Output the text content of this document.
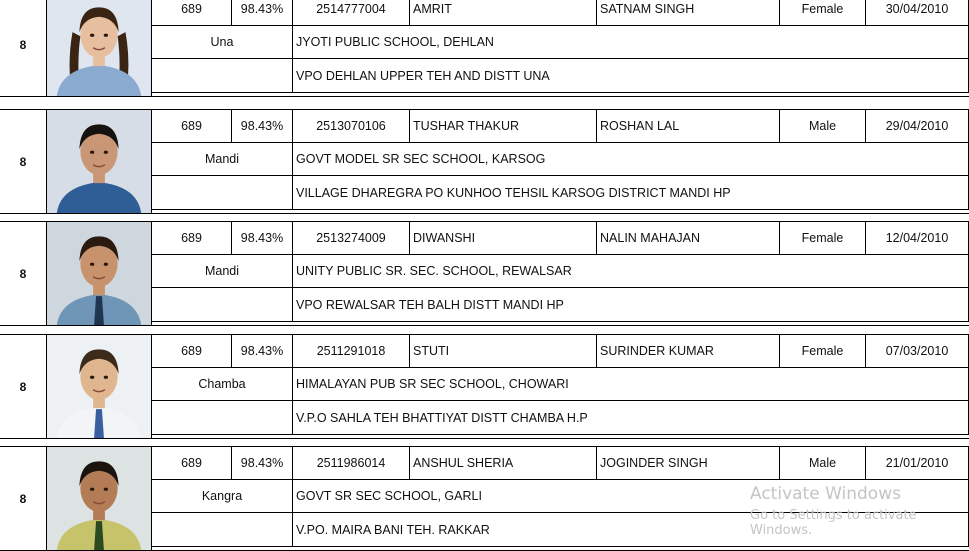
8
689	98.43%	2514777004	AMRIT	SATNAM SINGH	Female	30/04/2010
Una	JYOTI PUBLIC SCHOOL, DEHLAN
VPO DEHLAN UPPER TEH AND DISTT UNA
8
689	98.43%	2513070106	TUSHAR THAKUR	ROSHAN LAL	Male	29/04/2010
Mandi	GOVT MODEL SR SEC SCHOOL, KARSOG
VILLAGE DHAREGRA PO KUNHOO TEHSIL KARSOG DISTRICT MANDI HP
8
689	98.43%	2513274009	DIWANSHI	NALIN MAHAJAN	Female	12/04/2010
Mandi	UNITY PUBLIC SR. SEC. SCHOOL, REWALSAR
VPO REWALSAR TEH BALH DISTT MANDI HP
8
689	98.43%	2511291018	STUTI	SURINDER KUMAR	Female	07/03/2010
Chamba	HIMALAYAN PUB SR SEC SCHOOL, CHOWARI
V.P.O SAHLA TEH BHATTIYAT DISTT CHAMBA H.P
8
689	98.43%	2511986014	ANSHUL SHERIA	JOGINDER SINGH	Male	21/01/2010
Kangra	GOVT SR SEC SCHOOL, GARLI
V.PO. MAIRA BANI TEH. RAKKAR
Activate Windows
Go to Settings to activate Windows.
